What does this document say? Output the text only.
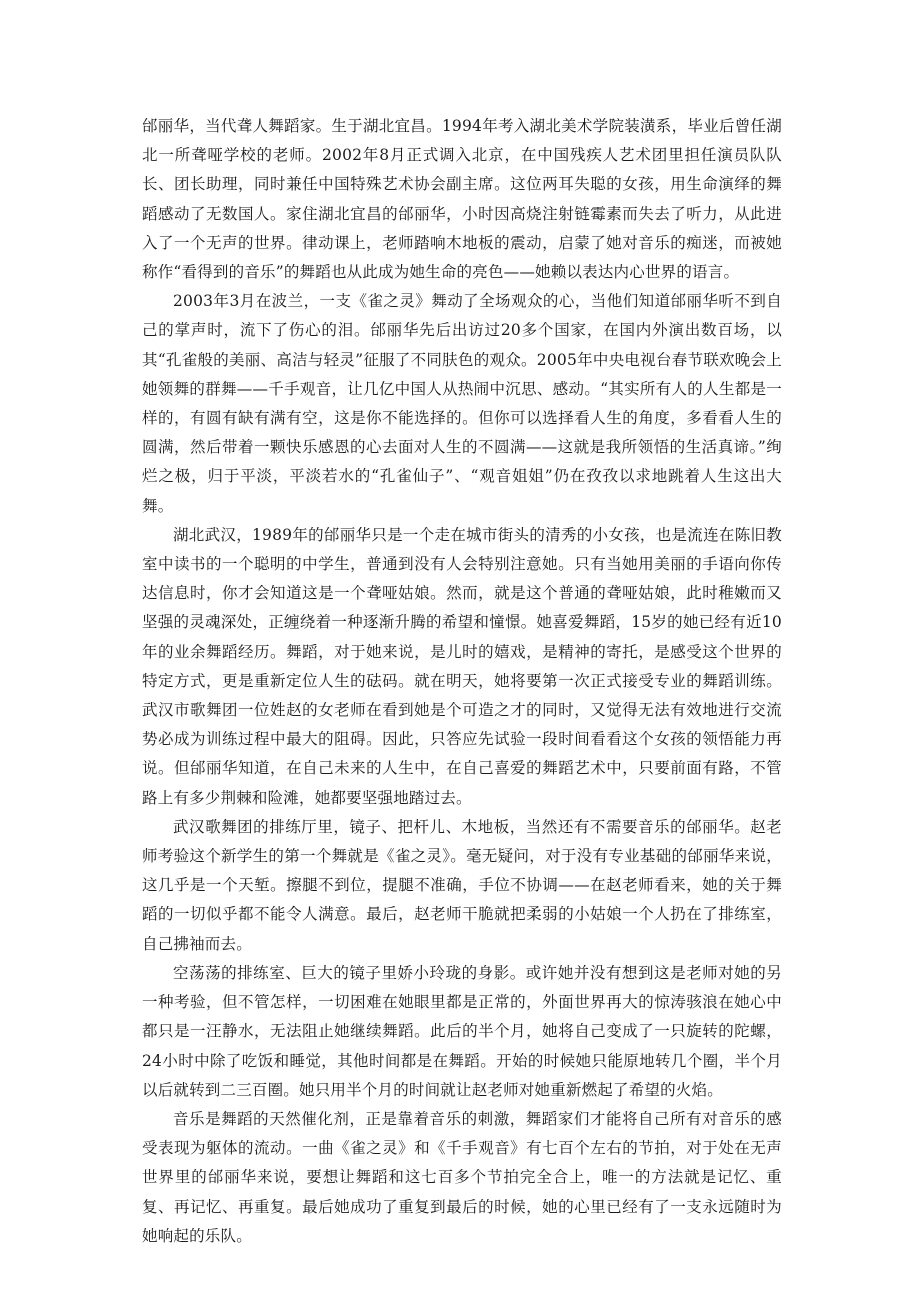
邰丽华，当代聋人舞蹈家。生于湖北宜昌。1994年考入湖北美术学院装潢系，毕业后曾任湖北一所聋哑学校的老师。2002年8月正式调入北京，在中国残疾人艺术团里担任演员队队长、团长助理，同时兼任中国特殊艺术协会副主席。这位两耳失聪的女孩，用生命演绎的舞蹈感动了无数国人。家住湖北宜昌的邰丽华，小时因高烧注射链霉素而失去了听力，从此进入了一个无声的世界。律动课上，老师踏响木地板的震动，启蒙了她对音乐的痴迷，而被她称作“看得到的音乐”的舞蹈也从此成为她生命的亮色——她赖以表达内心世界的语言。

2003年3月在波兰，一支《雀之灵》舞动了全场观众的心，当他们知道邰丽华听不到自己的掌声时，流下了伤心的泪。邰丽华先后出访过20多个国家，在国内外演出数百场，以其“孔雀般的美丽、高洁与轻灵”征服了不同肤色的观众。2005年中央电视台春节联欢晚会上她领舞的群舞——千手观音，让几亿中国人从热闹中沉思、感动。“其实所有人的人生都是一样的，有圆有缺有满有空，这是你不能选择的。但你可以选择看人生的角度，多看看人生的圆满，然后带着一颗快乐感恩的心去面对人生的不圆满——这就是我所领悟的生活真谛。”绚烂之极，归于平淡，平淡若水的“孔雀仙子”、“观音姐姐”仍在孜孜以求地跳着人生这出大舞。

湖北武汉，1989年的邰丽华只是一个走在城市街头的清秀的小女孩，也是流连在陈旧教室中读书的一个聪明的中学生，普通到没有人会特别注意她。只有当她用美丽的手语向你传达信息时，你才会知道这是一个聋哑姑娘。然而，就是这个普通的聋哑姑娘，此时稚嫩而又坚强的灵魂深处，正缠绕着一种逐渐升腾的希望和憧憬。她喜爱舞蹈，15岁的她已经有近10年的业余舞蹈经历。舞蹈，对于她来说，是儿时的嬉戏，是精神的寄托，是感受这个世界的特定方式，更是重新定位人生的砝码。就在明天，她将要第一次正式接受专业的舞蹈训练。武汉市歌舞团一位姓赵的女老师在看到她是个可造之才的同时，又觉得无法有效地进行交流势必成为训练过程中最大的阻碍。因此，只答应先试验一段时间看看这个女孩的领悟能力再说。但邰丽华知道，在自己未来的人生中，在自己喜爱的舞蹈艺术中，只要前面有路，不管路上有多少荆棘和险滩，她都要坚强地踏过去。

武汉歌舞团的排练厅里，镜子、把杆儿、木地板，当然还有不需要音乐的邰丽华。赵老师考验这个新学生的第一个舞就是《雀之灵》。毫无疑问，对于没有专业基础的邰丽华来说，这几乎是一个天堑。擦腿不到位，提腿不准确，手位不协调——在赵老师看来，她的关于舞蹈的一切似乎都不能令人满意。最后，赵老师干脆就把柔弱的小姑娘一个人扔在了排练室，自己拂袖而去。

空荡荡的排练室、巨大的镜子里娇小玲珑的身影。或许她并没有想到这是老师对她的另一种考验，但不管怎样，一切困难在她眼里都是正常的，外面世界再大的惊涛骇浪在她心中都只是一汪静水，无法阻止她继续舞蹈。此后的半个月，她将自己变成了一只旋转的陀螺，24小时中除了吃饭和睡觉，其他时间都是在舞蹈。开始的时候她只能原地转几个圈，半个月以后就转到二三百圈。她只用半个月的时间就让赵老师对她重新燃起了希望的火焰。

音乐是舞蹈的天然催化剂，正是靠着音乐的刺激，舞蹈家们才能将自己所有对音乐的感受表现为躯体的流动。一曲《雀之灵》和《千手观音》有七百个左右的节拍，对于处在无声世界里的邰丽华来说，要想让舞蹈和这七百多个节拍完全合上，唯一的方法就是记忆、重复、再记忆、再重复。最后她成功了重复到最后的时候，她的心里已经有了一支永远随时为她响起的乐队。
